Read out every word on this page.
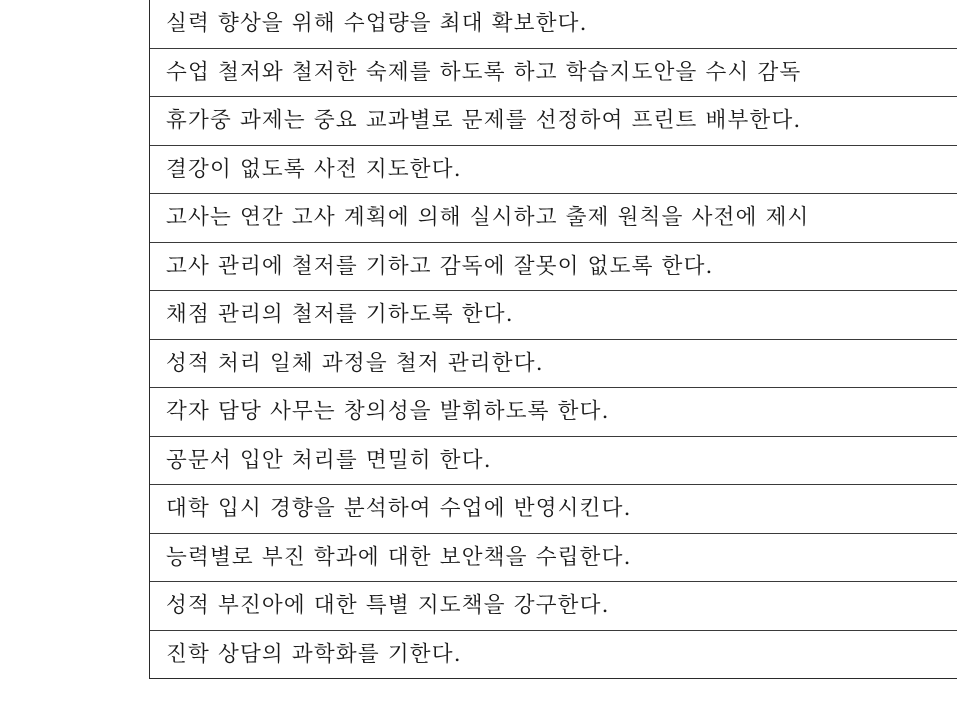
실력 향상을 위해 수업량을 최대 확보한다.
수업 철저와 철저한 숙제를 하도록 하고 학습지도안을 수시 감독
휴가중 과제는 중요 교과별로 문제를 선정하여 프린트 배부한다.
결강이 없도록 사전 지도한다.
고사는 연간 고사 계획에 의해 실시하고 출제 원칙을 사전에 제시
고사 관리에 철저를 기하고 감독에 잘못이 없도록 한다.
채점 관리의 철저를 기하도록 한다.
성적 처리 일체 과정을 철저 관리한다.
각자 담당 사무는 창의성을 발휘하도록 한다.
공문서 입안 처리를 면밀히 한다.
대학 입시 경향을 분석하여 수업에 반영시킨다.
능력별로 부진 학과에 대한 보안책을 수립한다.
성적 부진아에 대한 특별 지도책을 강구한다.
진학 상담의 과학화를 기한다.
